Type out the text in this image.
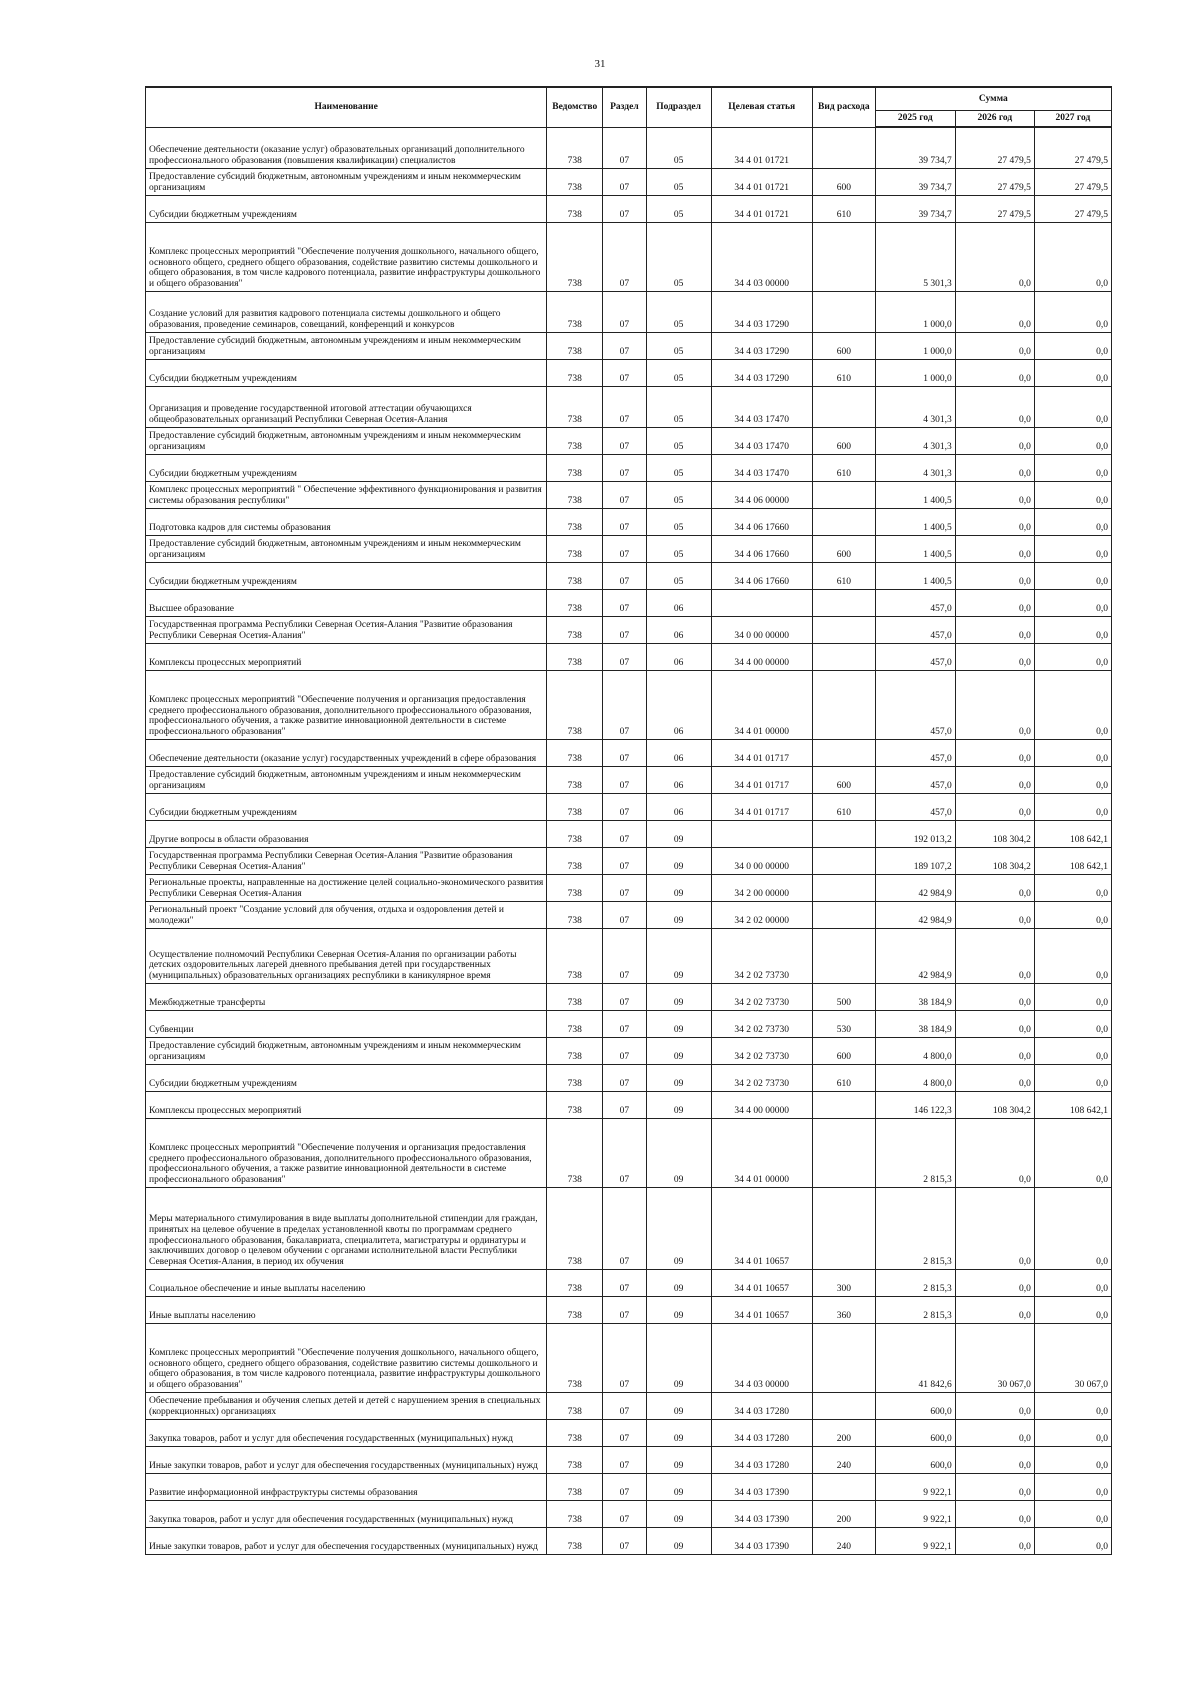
31
Наименование	Ведомство	Раздел	Подраздел	Целевая статья	Вид расхода	Сумма		
						2025 год	2026 год	2027 год
Обеспечение деятельности (оказание услуг) образовательных организаций дополнительного профессионального образования (повышения квалификации) специалистов	738	07	05	34 4 01 01721		39 734,7	27 479,5	27 479,5
Предоставление субсидий бюджетным, автономным учреждениям и иным некоммерческим организациям	738	07	05	34 4 01 01721	600	39 734,7	27 479,5	27 479,5
Субсидии бюджетным учреждениям	738	07	05	34 4 01 01721	610	39 734,7	27 479,5	27 479,5
Комплекс процессных мероприятий "Обеспечение получения дошкольного, начального общего, основного общего, среднего общего образования, содействие развитию системы дошкольного и общего образования, в том числе кадрового потенциала, развитие инфраструктуры дошкольного и общего образования"	738	07	05	34 4 03 00000		5 301,3	0,0	0,0
Создание условий для развития кадрового потенциала системы дошкольного и общего образования, проведение семинаров, совещаний, конференций и конкурсов	738	07	05	34 4 03 17290		1 000,0	0,0	0,0
Предоставление субсидий бюджетным, автономным учреждениям и иным некоммерческим организациям	738	07	05	34 4 03 17290	600	1 000,0	0,0	0,0
Субсидии бюджетным учреждениям	738	07	05	34 4 03 17290	610	1 000,0	0,0	0,0
Организация и проведение государственной итоговой аттестации обучающихся общеобразовательных организаций Республики Северная Осетия-Алания	738	07	05	34 4 03 17470		4 301,3	0,0	0,0
Предоставление субсидий бюджетным, автономным учреждениям и иным некоммерческим организациям	738	07	05	34 4 03 17470	600	4 301,3	0,0	0,0
Субсидии бюджетным учреждениям	738	07	05	34 4 03 17470	610	4 301,3	0,0	0,0
Комплекс процессных мероприятий " Обеспечение эффективного функционирования и развития системы образования республики"	738	07	05	34 4 06 00000		1 400,5	0,0	0,0
Подготовка кадров для системы образования	738	07	05	34 4 06 17660		1 400,5	0,0	0,0
Предоставление субсидий бюджетным, автономным учреждениям и иным некоммерческим организациям	738	07	05	34 4 06 17660	600	1 400,5	0,0	0,0
Субсидии бюджетным учреждениям	738	07	05	34 4 06 17660	610	1 400,5	0,0	0,0
Высшее образование	738	07	06			457,0	0,0	0,0
Государственная программа Республики Северная Осетия-Алания "Развитие образования Республики Северная Осетия-Алания"	738	07	06	34 0 00 00000		457,0	0,0	0,0
Комплексы процессных мероприятий	738	07	06	34 4 00 00000		457,0	0,0	0,0
Комплекс процессных мероприятий "Обеспечение получения и организация предоставления среднего профессионального образования, дополнительного профессионального образования, профессионального обучения, а также развитие инновационной деятельности в системе профессионального образования"	738	07	06	34 4 01 00000		457,0	0,0	0,0
Обеспечение деятельности (оказание услуг) государственных учреждений в сфере образования	738	07	06	34 4 01 01717		457,0	0,0	0,0
Предоставление субсидий бюджетным, автономным учреждениям и иным некоммерческим организациям	738	07	06	34 4 01 01717	600	457,0	0,0	0,0
Субсидии бюджетным учреждениям	738	07	06	34 4 01 01717	610	457,0	0,0	0,0
Другие вопросы в области образования	738	07	09			192 013,2	108 304,2	108 642,1
Государственная программа Республики Северная Осетия-Алания "Развитие образования Республики Северная Осетия-Алания"	738	07	09	34 0 00 00000		189 107,2	108 304,2	108 642,1
Региональные проекты, направленные на достижение целей социально-экономического развития Республики Северная Осетия-Алания	738	07	09	34 2 00 00000		42 984,9	0,0	0,0
Региональный проект "Создание условий для обучения, отдыха и оздоровления детей и молодежи"	738	07	09	34 2 02 00000		42 984,9	0,0	0,0
Осуществление полномочий Республики Северная Осетия-Алания по организации работы детских оздоровительных лагерей дневного пребывания детей при государственных (муниципальных) образовательных организациях республики в каникулярное время	738	07	09	34 2 02 73730		42 984,9	0,0	0,0
Межбюджетные трансферты	738	07	09	34 2 02 73730	500	38 184,9	0,0	0,0
Субвенции	738	07	09	34 2 02 73730	530	38 184,9	0,0	0,0
Предоставление субсидий бюджетным, автономным учреждениям и иным некоммерческим организациям	738	07	09	34 2 02 73730	600	4 800,0	0,0	0,0
Субсидии бюджетным учреждениям	738	07	09	34 2 02 73730	610	4 800,0	0,0	0,0
Комплексы процессных мероприятий	738	07	09	34 4 00 00000		146 122,3	108 304,2	108 642,1
Комплекс процессных мероприятий "Обеспечение получения и организация предоставления среднего профессионального образования, дополнительного профессионального образования, профессионального обучения, а также развитие инновационной деятельности в системе профессионального образования"	738	07	09	34 4 01 00000		2 815,3	0,0	0,0
Меры материального стимулирования в виде выплаты дополнительной стипендии для граждан, принятых на целевое обучение в пределах установленной квоты по программам среднего профессионального образования, бакалавриата, специалитета, магистратуры и ординатуры и заключивших договор о целевом обучении с органами исполнительной власти Республики Северная Осетия-Алания, в период их обучения	738	07	09	34 4 01 10657		2 815,3	0,0	0,0
Социальное обеспечение и иные выплаты населению	738	07	09	34 4 01 10657	300	2 815,3	0,0	0,0
Иные выплаты населению	738	07	09	34 4 01 10657	360	2 815,3	0,0	0,0
Комплекс процессных мероприятий "Обеспечение получения дошкольного, начального общего, основного общего, среднего общего образования, содействие развитию системы дошкольного и общего образования, в том числе кадрового потенциала, развитие инфраструктуры дошкольного и общего образования"	738	07	09	34 4 03 00000		41 842,6	30 067,0	30 067,0
Обеспечение пребывания и обучения слепых детей и детей с нарушением зрения в специальных (коррекционных) организациях	738	07	09	34 4 03 17280		600,0	0,0	0,0
Закупка товаров, работ и услуг для обеспечения государственных (муниципальных) нужд	738	07	09	34 4 03 17280	200	600,0	0,0	0,0
Иные закупки товаров, работ и услуг для обеспечения государственных (муниципальных) нужд	738	07	09	34 4 03 17280	240	600,0	0,0	0,0
Развитие информационной инфраструктуры системы образования	738	07	09	34 4 03 17390		9 922,1	0,0	0,0
Закупка товаров, работ и услуг для обеспечения государственных (муниципальных) нужд	738	07	09	34 4 03 17390	200	9 922,1	0,0	0,0
Иные закупки товаров, работ и услуг для обеспечения государственных (муниципальных) нужд	738	07	09	34 4 03 17390	240	9 922,1	0,0	0,0
